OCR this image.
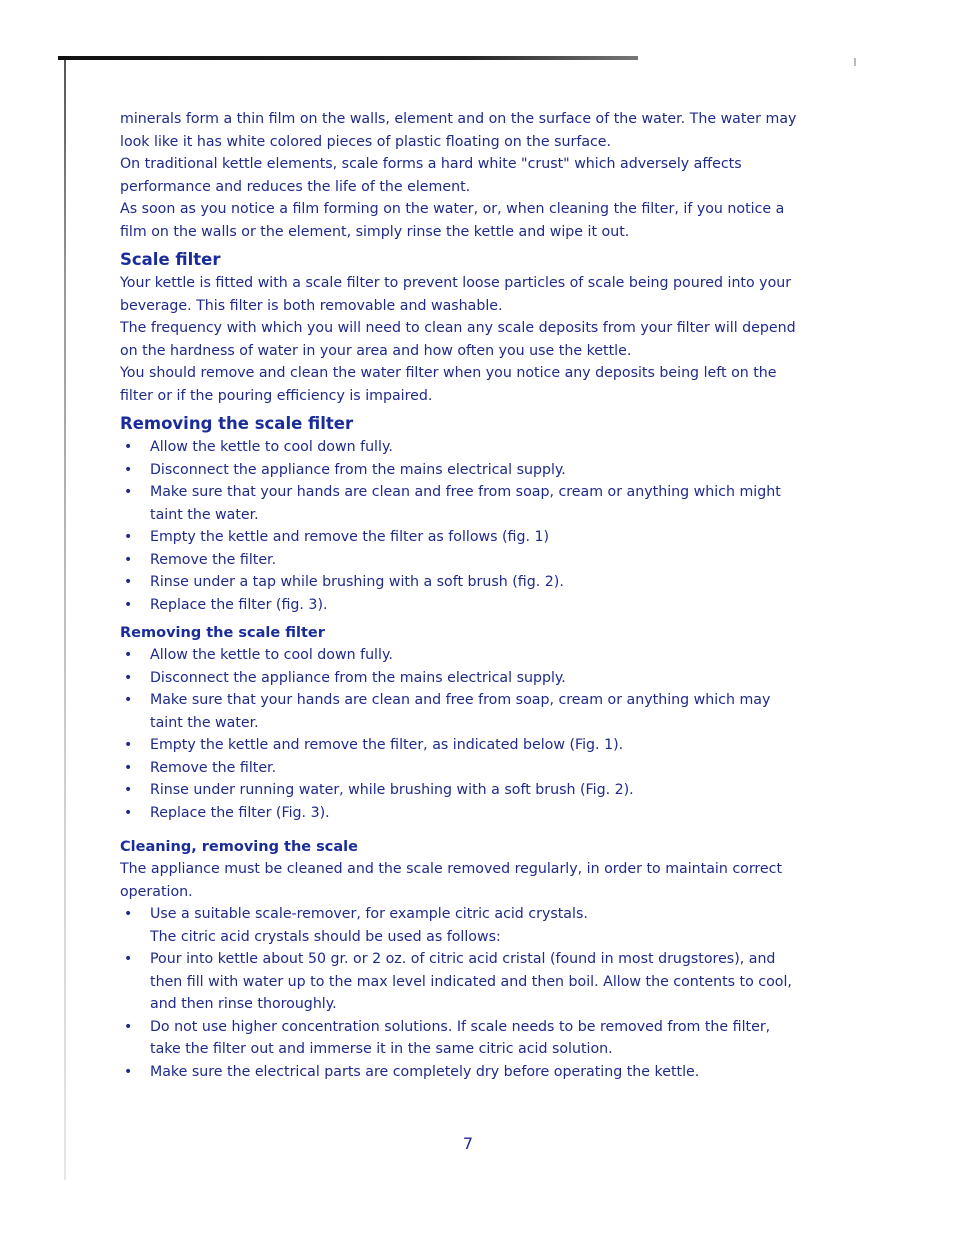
minerals form a thin film on the walls, element and on the surface of the water. The water may look like it has white colored pieces of plastic floating on the surface.

On traditional kettle elements, scale forms a hard white "crust" which adversely affects performance and reduces the life of the element.

As soon as you notice a film forming on the water, or, when cleaning the filter, if you notice a film on the walls or the element, simply rinse the kettle and wipe it out.

Scale filter

Your kettle is fitted with a scale filter to prevent loose particles of scale being poured into your beverage. This filter is both removable and washable.

The frequency with which you will need to clean any scale deposits from your filter will depend on the hardness of water in your area and how often you use the kettle.

You should remove and clean the water filter when you notice any deposits being left on the filter or if the pouring efficiency is impaired.

Removing the scale filter
• Allow the kettle to cool down fully.
• Disconnect the appliance from the mains electrical supply.
• Make sure that your hands are clean and free from soap, cream or anything which might taint the water.
• Empty the kettle and remove the filter as follows (fig. 1)
• Remove the filter.
• Rinse under a tap while brushing with a soft brush (fig. 2).
• Replace the filter (fig. 3).
Removing the scale filter
• Allow the kettle to cool down fully.
• Disconnect the appliance from the mains electrical supply.
• Make sure that your hands are clean and free from soap, cream or anything which may taint the water.
• Empty the kettle and remove the filter, as indicated below (Fig. 1).
• Remove the filter.
• Rinse under running water, while brushing with a soft brush (Fig. 2).
• Replace the filter (Fig. 3).
Cleaning, removing the scale

The appliance must be cleaned and the scale removed regularly, in order to maintain correct operation.

• Use a suitable scale-remover, for example citric acid crystals.
The citric acid crystals should be used as follows:
• Pour into kettle about 50 gr. or 2 oz. of citric acid cristal (found in most drugstores), and then fill with water up to the max level indicated and then boil. Allow the contents to cool, and then rinse thoroughly.
• Do not use higher concentration solutions. If scale needs to be removed from the filter, take the filter out and immerse it in the same citric acid solution.
• Make sure the electrical parts are completely dry before operating the kettle.
7
